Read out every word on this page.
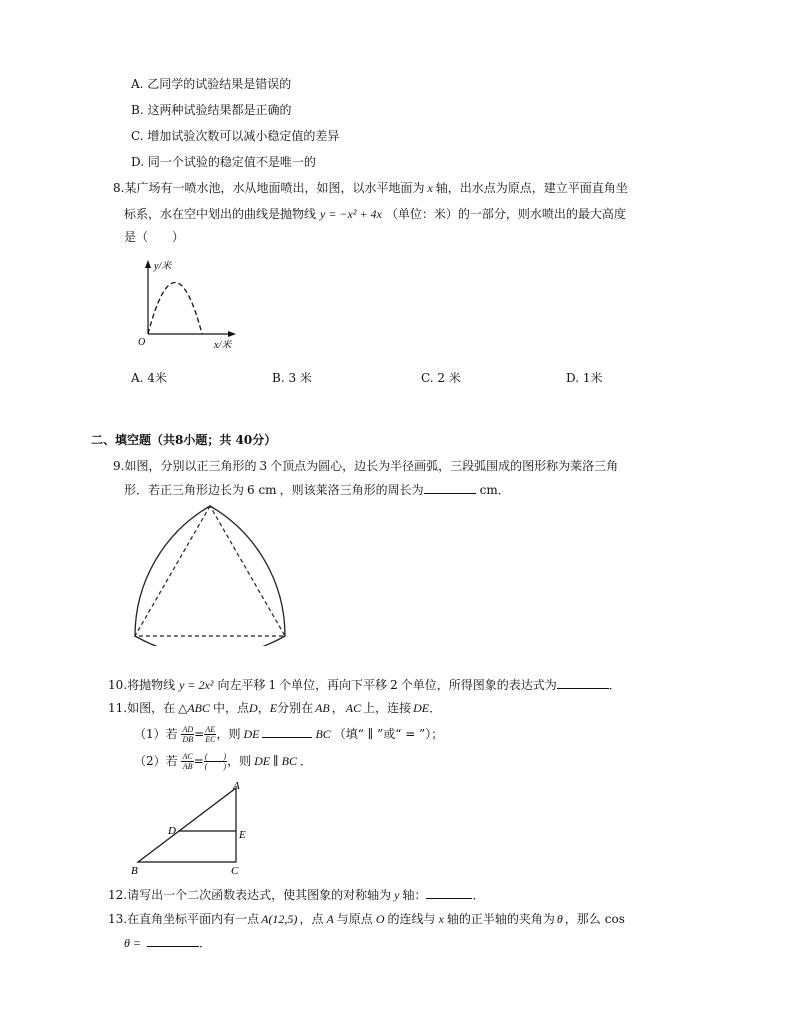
A. 乙同学的试验结果是错误的
B. 这两种试验结果都是正确的
C. 增加试验次数可以减小稳定值的差异
D. 同一个试验的稳定值不是唯一的
8.某广场有一喷水池，水从地面喷出，如图，以水平地面为 x 轴，出水点为原点，建立平面直角坐
标系，水在空中划出的曲线是抛物线 y = −x² + 4x （单位：米）的一部分，则水喷出的最大高度
是（　　）
y/米
O	x/米
A. 4米	B. 3 米	C. 2 米	D. 1米
二、填空题（共8小题；共 40分）
9.如图，分别以正三角形的 3 个顶点为圆心，边长为半径画弧，三段弧围成的图形称为莱洛三角
形．若正三角形边长为 6 cm ，则该莱洛三角形的周长为	cm．
10.将抛物线 y = 2x² 向左平移 1 个单位，再向下平移 2 个单位，所得图象的表达式为	．
11.如图，在 △ABC 中，点D，E分别在 AB ， AC 上，连接 DE．
（1）若 $\frac{AD}{DB} = \frac{AE}{EC}$ ，则 DE	BC （填“ ∥ ”或“ = ”）；
（2）若 $\frac{AC}{AB} = \frac{( )}{( )}$ ，则 DE ∥ BC ．
A
D	E
B	C
12.请写出一个二次函数表达式，使其图象的对称轴为 y 轴：	．
13.在直角坐标平面内有一点 A(12,5) ，点 A 与原点 O 的连线与 x 轴的正半轴的夹角为 θ ，那么 cos
θ =	．
